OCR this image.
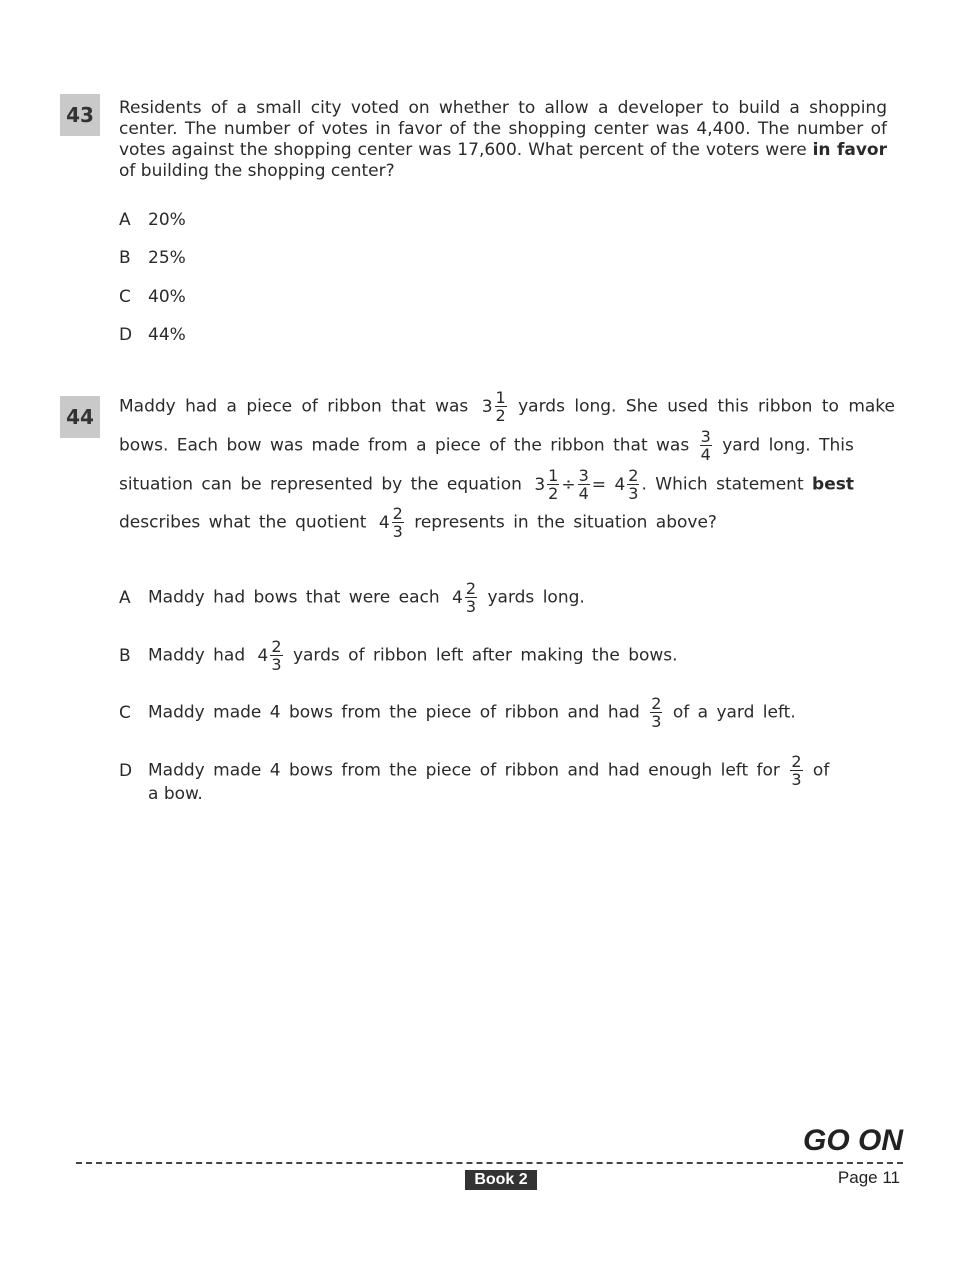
43	Residents of a small city voted on whether to allow a developer to build a shopping center. The number of votes in favor of the shopping center was 4,400. The number of votes against the shopping center was 17,600. What percent of the voters were in favor of building the shopping center?
A 20%
B 25%
C 40%
D 44%
44	Maddy had a piece of ribbon that was $3 \frac{1}{2}$ yards long. She used this ribbon to make
bows. Each bow was made from a piece of the ribbon that was $\frac{3}{4}$ yard long. This
situation can be represented by the equation $3 \frac{1}{2} \div \frac{3}{4} = 4 \frac{2}{3}$ . Which statement best
describes what the quotient $4 \frac{2}{3}$ represents in the situation above?
A Maddy had bows that were each $4 \frac{2}{3}$ yards long.
B Maddy had $4 \frac{2}{3}$ yards of ribbon left after making the bows.
C Maddy made 4 bows from the piece of ribbon and had $\frac{2}{3}$ of a yard left.
D Maddy made 4 bows from the piece of ribbon and had enough left for $\frac{2}{3}$ of
a bow.
GO ON
Book 2	Page 11
